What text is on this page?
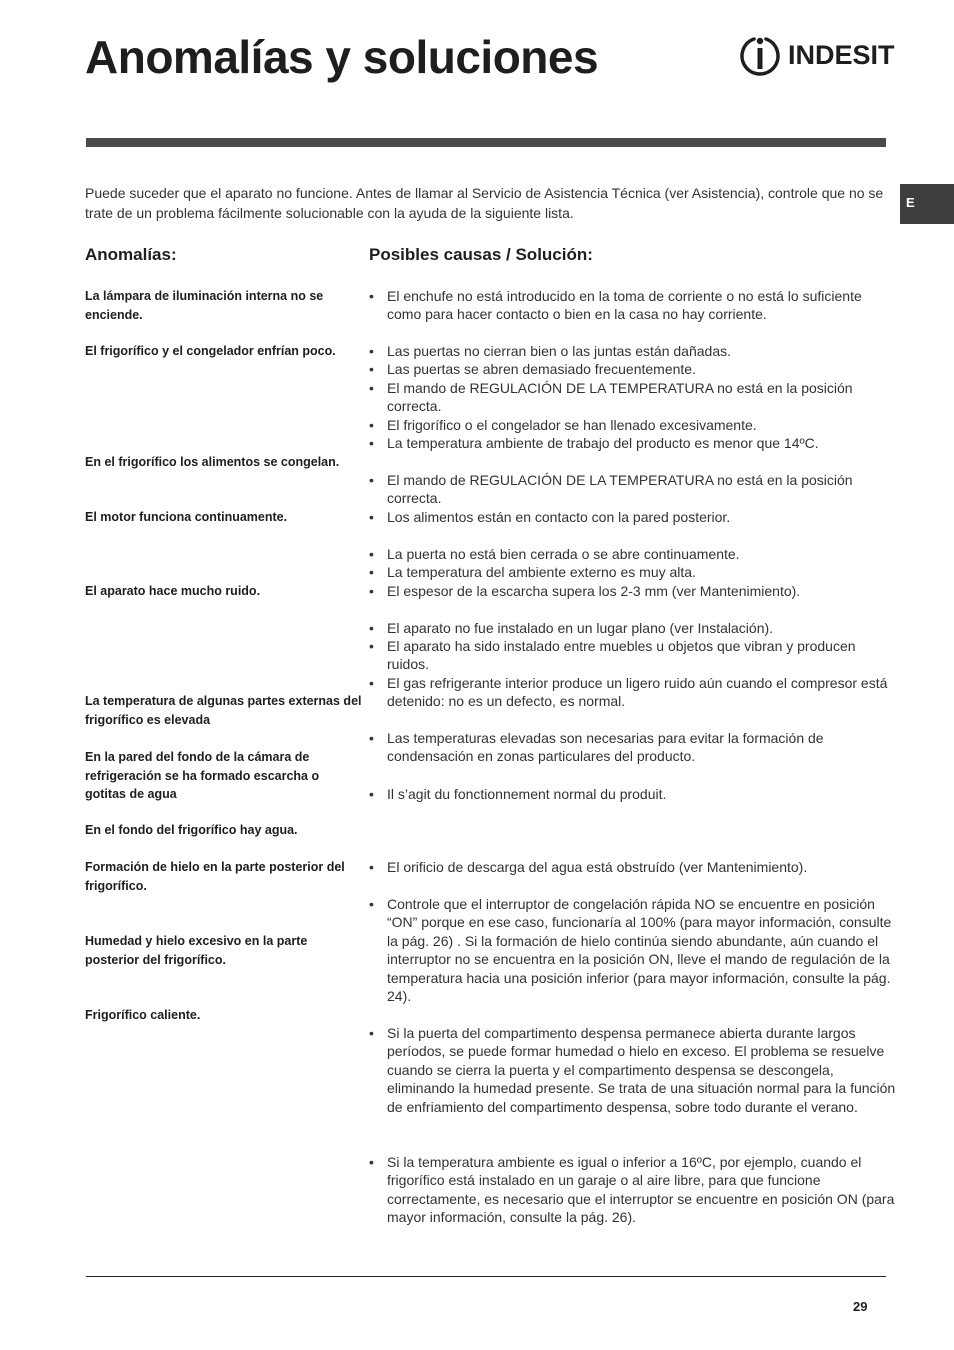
Anomalías y soluciones	INDESIT
E

Puede suceder que el aparato no funcione. Antes de llamar al Servicio de Asistencia Técnica (ver Asistencia), controle que no se trate de un problema fácilmente solucionable con la ayuda de la siguiente lista.

Anomalías:	Posibles causas / Solución:

La lámpara de iluminación interna no se enciende.

El frigorífico y el congelador enfrían poco.

En el frigorífico los alimentos se congelan.

El motor funciona continuamente.

El aparato hace mucho ruido.

La temperatura de algunas partes externas del frigorífico es elevada

En la pared del fondo de la cámara de refrigeración se ha formado escarcha o gotitas de agua

En el fondo del frigorífico hay agua.

Formación de hielo en la parte posterior del frigorífico.

Humedad y hielo excesivo en la parte posterior del frigorífico.

Frigorífico caliente.

• El enchufe no está introducido en la toma de corriente o no está lo suficiente como para hacer contacto o bien en la casa no hay corriente.
• Las puertas no cierran bien o las juntas están dañadas.
• Las puertas se abren demasiado frecuentemente.
• El mando de REGULACIÓN DE LA TEMPERATURA no está en la posición correcta.
• El frigorífico o el congelador se han llenado excesivamente.
• La temperatura ambiente de trabajo del producto es menor que 14ºC.
• El mando de REGULACIÓN DE LA TEMPERATURA no está en la posición correcta.
• Los alimentos están en contacto con la pared posterior.
• La puerta no está bien cerrada o se abre continuamente.
• La temperatura del ambiente externo es muy alta.
• El espesor de la escarcha supera los 2-3 mm (ver Mantenimiento).
• El aparato no fue instalado en un lugar plano (ver Instalación).
• El aparato ha sido instalado entre muebles u objetos que vibran y producen ruidos.
• El gas refrigerante interior produce un ligero ruido aún cuando el compresor está detenido: no es un defecto, es normal.
• Las temperaturas elevadas son necesarias para evitar la formación de condensación en zonas particulares del producto.
• Il s’agit du fonctionnement normal du produit.
• El orificio de descarga del agua está obstruído (ver Mantenimiento).
• Controle que el interruptor de congelación rápida NO se encuentre en posición “ON” porque en ese caso, funcionaría al 100% (para mayor información, consulte la pág. 26) . Si la formación de hielo continúa siendo abundante, aún cuando el interruptor no se encuentra en la posición ON, lleve el mando de regulación de la temperatura hacia una posición inferior (para mayor información, consulte la pág. 24).
• Si la puerta del compartimento despensa permanece abierta durante largos períodos, se puede formar humedad o hielo en exceso. El problema se resuelve cuando se cierra la puerta y el compartimento despensa se descongela, eliminando la humedad presente. Se trata de una situación normal para la función de enfriamiento del compartimento despensa, sobre todo durante el verano.
• Si la temperatura ambiente es igual o inferior a 16ºC, por ejemplo, cuando el frigorífico está instalado en un garaje o al aire libre, para que funcione correctamente, es necesario que el interruptor se encuentre en posición ON (para mayor información, consulte la pág. 26).
29
